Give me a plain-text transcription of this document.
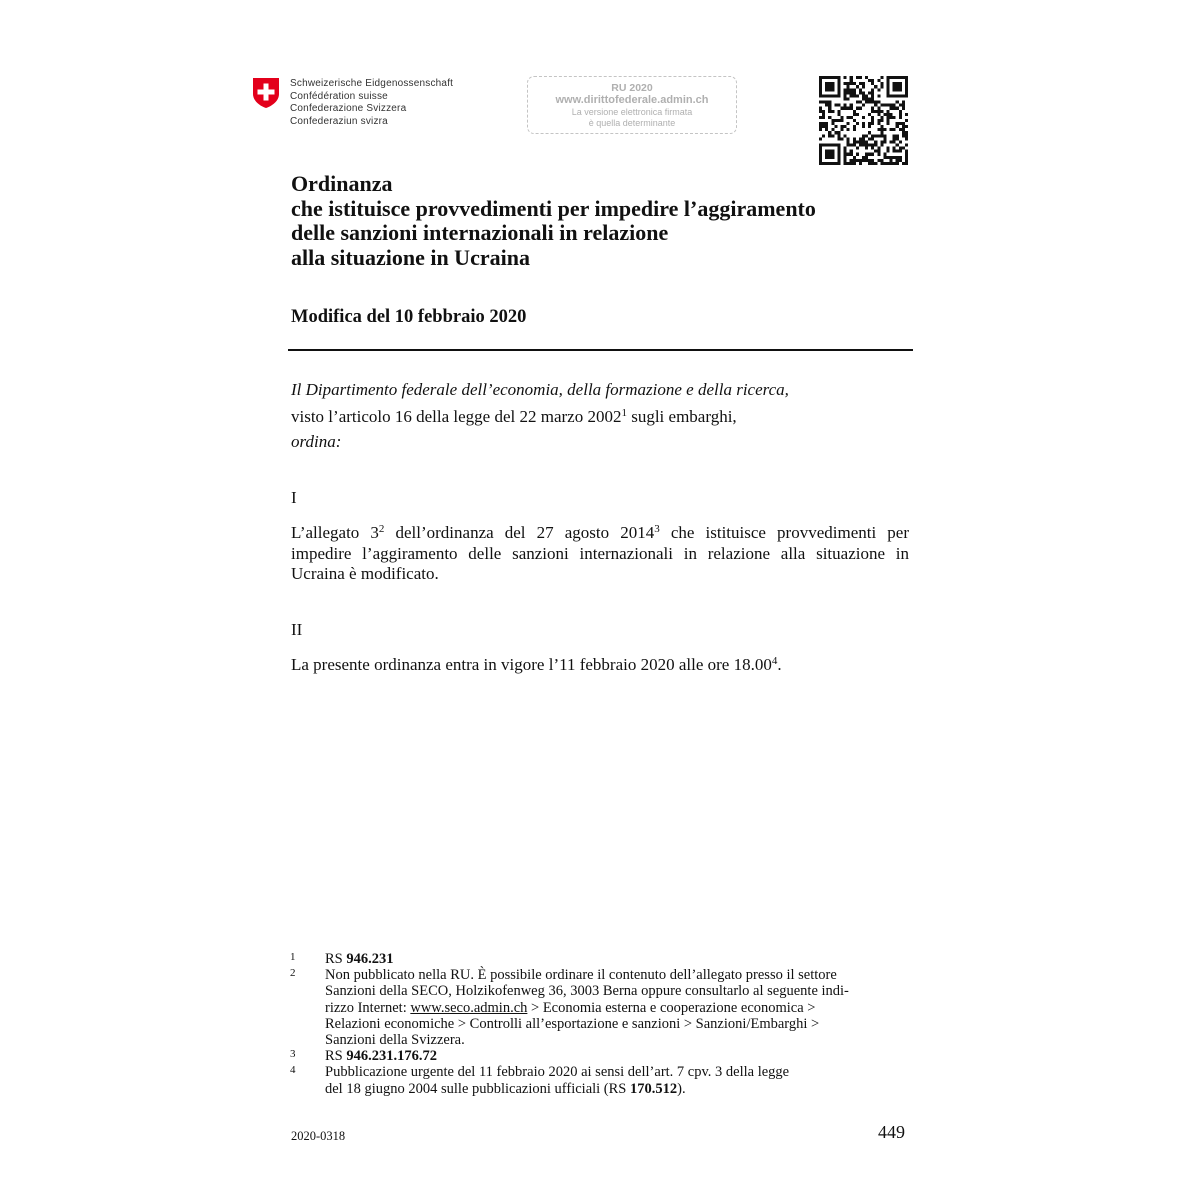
Schweizerische Eidgenossenschaft
Confédération suisse
Confederazione Svizzera
Confederaziun svizra
RU 2020
www.dirittofederale.admin.ch
La versione elettronica firmata
è quella determinante
Ordinanza
che istituisce provvedimenti per impedire l’aggiramento
delle sanzioni internazionali in relazione
alla situazione in Ucraina
Modifica del 10 febbraio 2020
Il Dipartimento federale dell’economia, della formazione e della ricerca,
visto l’articolo 16 della legge del 22 marzo 2002$^1$ sugli embarghi,
ordina:
I
L’allegato $3^2$ dell’ordinanza del 27 agosto 2014$^3$ che istituisce provvedimenti per
impedire l’aggiramento delle sanzioni internazionali in relazione alla situazione in
Ucraina è modificato.
II
La presente ordinanza entra in vigore l’11 febbraio 2020 alle ore 18.00$^4$.
1 RS 946.231
2 Non pubblicato nella RU. È possibile ordinare il contenuto dell’allegato presso il settore
Sanzioni della SECO, Holzikofenweg 36, 3003 Berna oppure consultarlo al seguente indi-
rizzo Internet: www.seco.admin.ch > Economia esterna e cooperazione economica >
Relazioni economiche > Controlli all’esportazione e sanzioni > Sanzioni/Embarghi >
Sanzioni della Svizzera.
3 RS 946.231.176.72
4 Pubblicazione urgente del 11 febbraio 2020 ai sensi dell’art. 7 cpv. 3 della legge
del 18 giugno 2004 sulle pubblicazioni ufficiali (RS 170.512).
2020-0318	449
